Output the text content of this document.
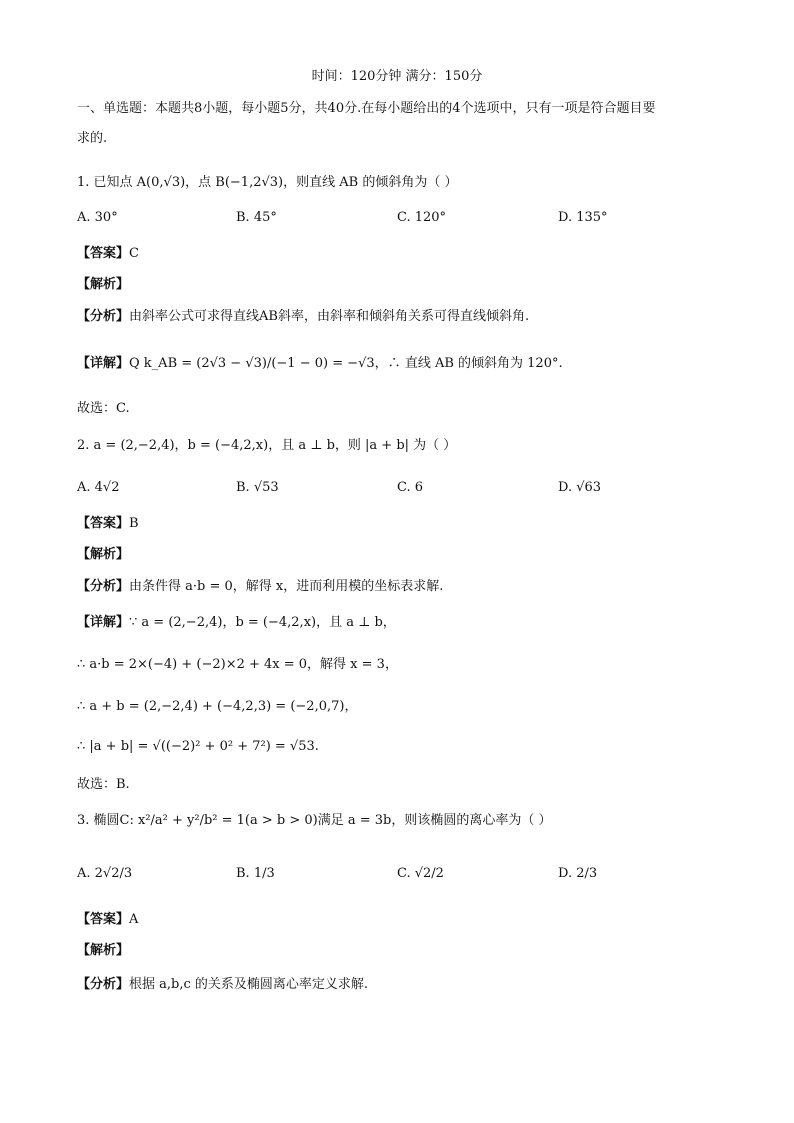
时间：120分钟 满分：150分
一、单选题：本题共8小题，每小题5分，共40分.在每小题给出的4个选项中，只有一项是符合题目要
求的.
1. 已知点 A(0,√3)，点 B(−1,2√3)，则直线 AB 的倾斜角为（ ）
A. 30°	B. 45°	C. 120°	D. 135°
【答案】C
【解析】
【分析】由斜率公式可求得直线AB斜率，由斜率和倾斜角关系可得直线倾斜角.
【详解】Q k_AB = (2√3 − √3)/(−1 − 0) = −√3，∴ 直线 AB 的倾斜角为 120°.
故选：C.
2. a = (2,−2,4)，b = (−4,2,x)，且 a ⊥ b，则 |a + b| 为（ ）
A. 4√2	B. √53	C. 6	D. √63
【答案】B
【解析】
【分析】由条件得 a·b = 0，解得 x，进而利用模的坐标表求解.
【详解】∵ a = (2,−2,4)，b = (−4,2,x)，且 a ⊥ b，
∴ a·b = 2×(−4) + (−2)×2 + 4x = 0，解得 x = 3，
∴ a + b = (2,−2,4) + (−4,2,3) = (−2,0,7)，
∴ |a + b| = √((−2)² + 0² + 7²) = √53.
故选：B.
3. 椭圆C: x²/a² + y²/b² = 1(a > b > 0)满足 a = 3b，则该椭圆的离心率为（ ）
A. 2√2/3	B. 1/3	C. √2/2	D. 2/3
【答案】A
【解析】
【分析】根据 a,b,c 的关系及椭圆离心率定义求解.
